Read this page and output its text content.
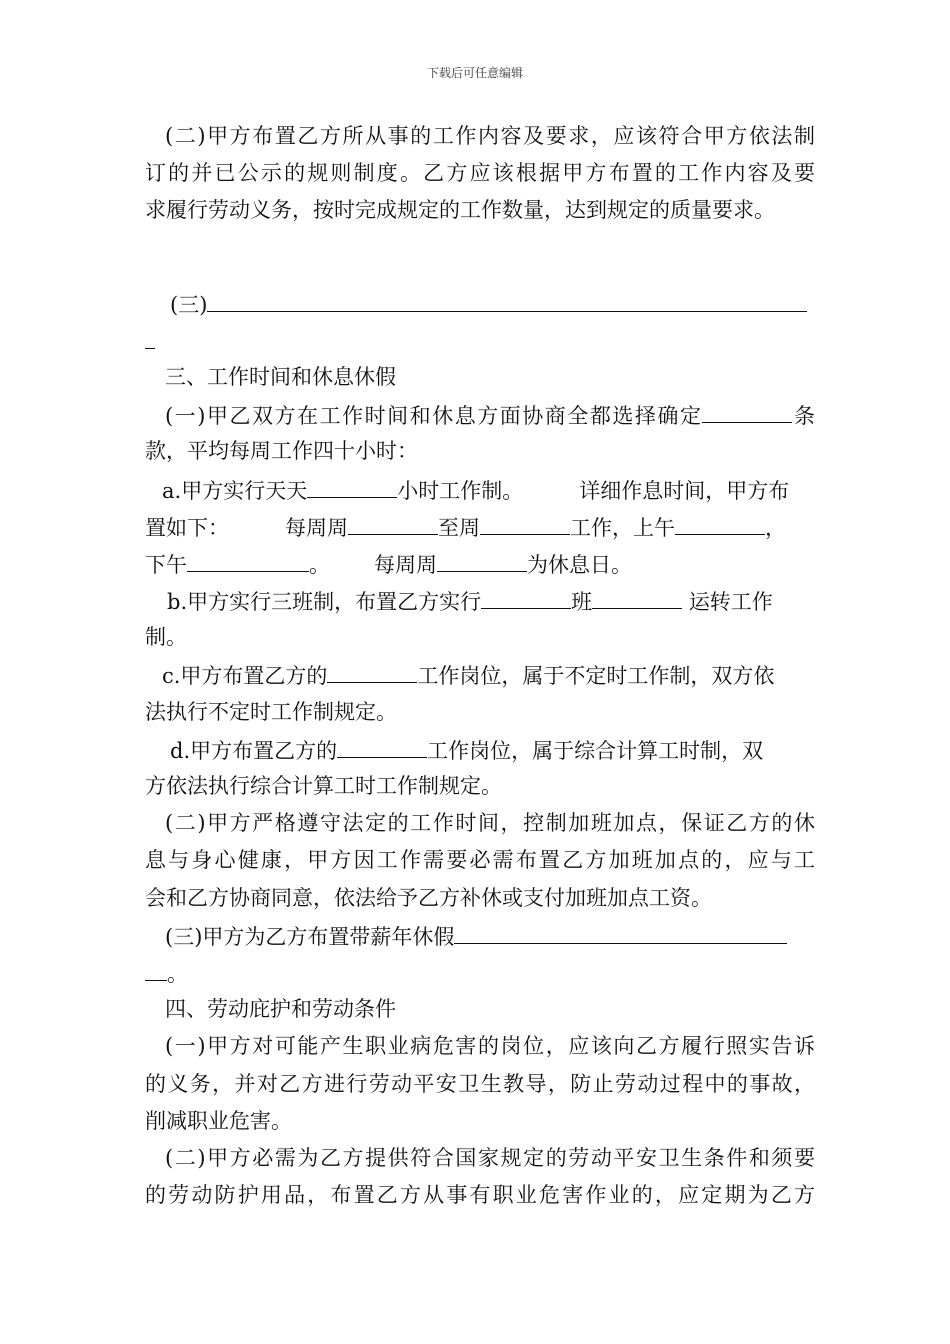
下载后可任意编辑
(二)甲方布置乙方所从事的工作内容及要求，应该符合甲方依法制
订的并已公示的规则制度。乙方应该根据甲方布置的工作内容及要
求履行劳动义务，按时完成规定的工作数量，达到规定的质量要求。
(三)
三、工作时间和休息休假
(一)甲乙双方在工作时间和休息方面协商全都选择确定	条
款，平均每周工作四十小时：
a.甲方实行天天	小时工作制。	详细作息时间，甲方布
置如下：	每周周	至周	工作，上午	，
下午	。 每周周	为休息日。
b.甲方实行三班制，布置乙方实行	班	运转工作
制。
c.甲方布置乙方的	工作岗位，属于不定时工作制，双方依
法执行不定时工作制规定。
d.甲方布置乙方的	工作岗位，属于综合计算工时制，双
方依法执行综合计算工时工作制规定。
(二)甲方严格遵守法定的工作时间，控制加班加点，保证乙方的休
息与身心健康，甲方因工作需要必需布置乙方加班加点的，应与工
会和乙方协商同意，依法给予乙方补休或支付加班加点工资。
(三)甲方为乙方布置带薪年休假
。
四、劳动庇护和劳动条件
(一)甲方对可能产生职业病危害的岗位，应该向乙方履行照实告诉
的义务，并对乙方进行劳动平安卫生教导，防止劳动过程中的事故，
削减职业危害。
(二)甲方必需为乙方提供符合国家规定的劳动平安卫生条件和须要
的劳动防护用品，布置乙方从事有职业危害作业的，应定期为乙方
